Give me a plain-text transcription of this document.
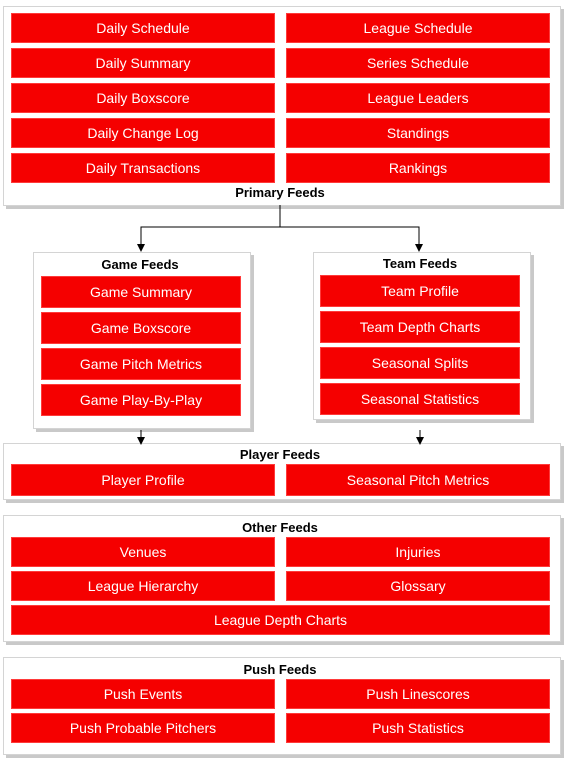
Daily Schedule
Daily Summary
Daily Boxscore
Daily Change Log
Daily Transactions
League Schedule
Series Schedule
League Leaders
Standings
Rankings
Primary Feeds
Game Feeds
Game Summary
Game Boxscore
Game Pitch Metrics
Game Play-By-Play
Team Feeds
Team Profile
Team Depth Charts
Seasonal Splits
Seasonal Statistics
Player Feeds
Player Profile	Seasonal Pitch Metrics
Other Feeds
Venues	Injuries
League Hierarchy	Glossary
League Depth Charts
Push Feeds
Push Events	Push Linescores
Push Probable Pitchers	Push Statistics
